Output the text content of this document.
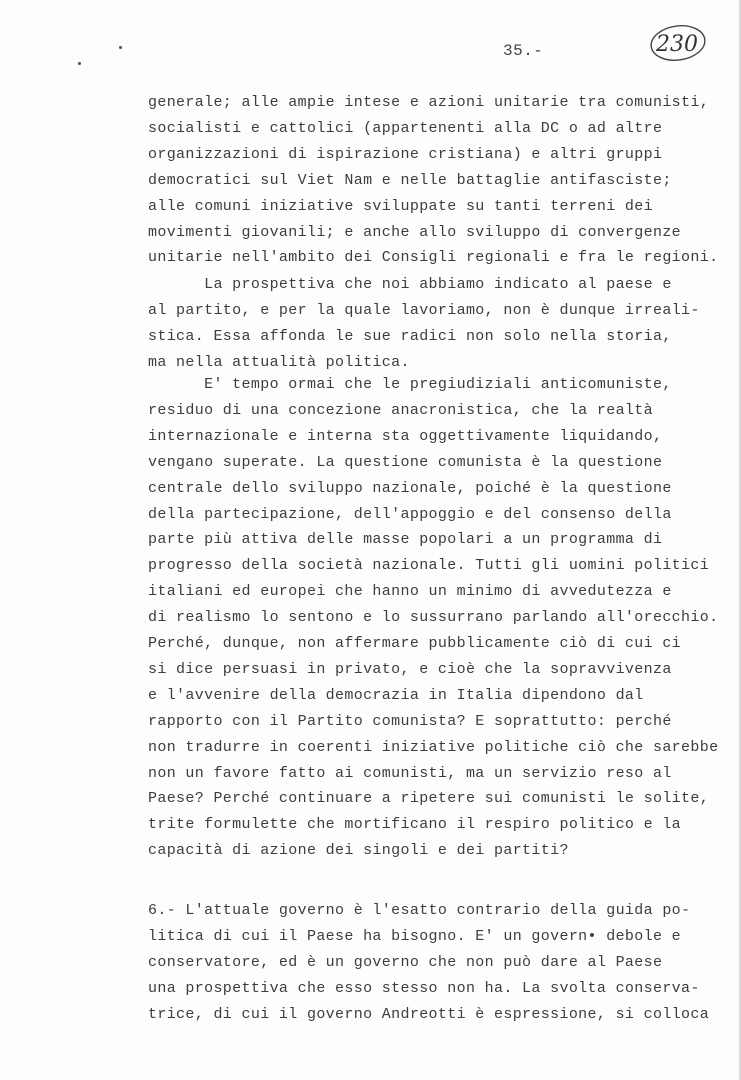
35.-	230
generale; alle ampie intese e azioni unitarie tra comunisti,
socialisti e cattolici (appartenenti alla DC o ad altre
organizzazioni di ispirazione cristiana) e altri gruppi
democratici sul Viet Nam e nelle battaglie antifasciste;
alle comuni iniziative sviluppate su tanti terreni dei
movimenti giovanili; e anche allo sviluppo di convergenze
unitarie nell'ambito dei Consigli regionali e fra le regioni.
La prospettiva che noi abbiamo indicato al paese e
al partito, e per la quale lavoriamo, non è dunque irreali-
stica. Essa affonda le sue radici non solo nella storia,
ma nella attualità politica.
E' tempo ormai che le pregiudiziali anticomuniste,
residuo di una concezione anacronistica, che la realtà
internazionale e interna sta oggettivamente liquidando,
vengano superate. La questione comunista è la questione
centrale dello sviluppo nazionale, poiché è la questione
della partecipazione, dell'appoggio e del consenso della
parte più attiva delle masse popolari a un programma di
progresso della società nazionale. Tutti gli uomini politici
italiani ed europei che hanno un minimo di avvedutezza e
di realismo lo sentono e lo sussurrano parlando all'orecchio.
Perché, dunque, non affermare pubblicamente ciò di cui ci
si dice persuasi in privato, e cioè che la sopravvivenza
e l'avvenire della democrazia in Italia dipendono dal
rapporto con il Partito comunista? E soprattutto: perché
non tradurre in coerenti iniziative politiche ciò che sarebbe
non un favore fatto ai comunisti, ma un servizio reso al
Paese? Perché continuare a ripetere sui comunisti le solite,
trite formulette che mortificano il respiro politico e la
capacità di azione dei singoli e dei partiti?
6.- L'attuale governo è l'esatto contrario della guida po-
litica di cui il Paese ha bisogno. E' un govern• debole e
conservatore, ed è un governo che non può dare al Paese
una prospettiva che esso stesso non ha. La svolta conserva-
trice, di cui il governo Andreotti è espressione, si colloca
